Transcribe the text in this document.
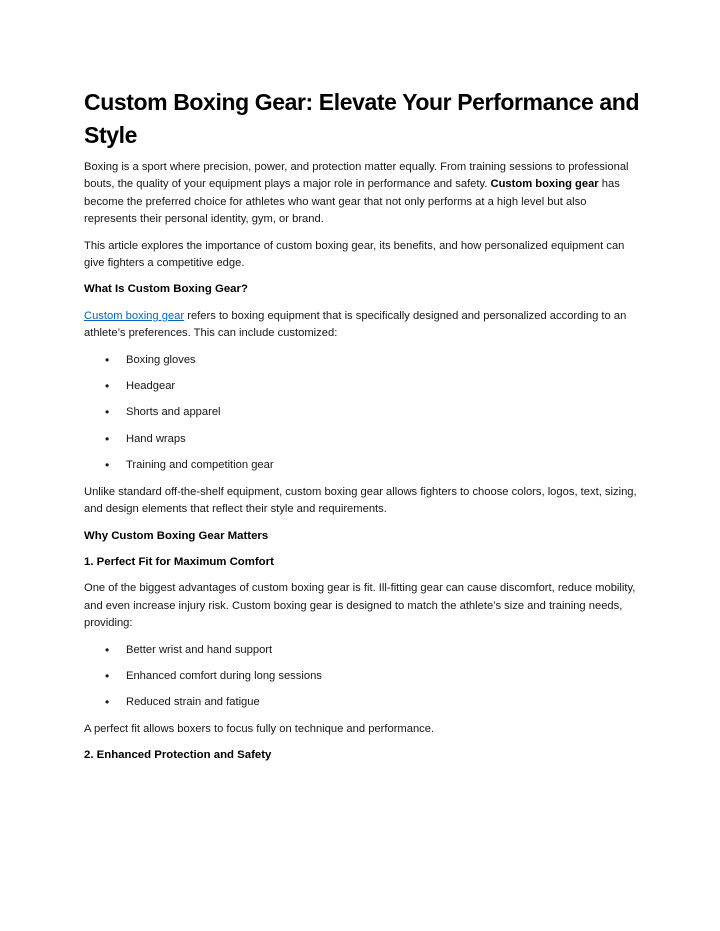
Custom Boxing Gear: Elevate Your Performance and Style

Boxing is a sport where precision, power, and protection matter equally. From training sessions to professional bouts, the quality of your equipment plays a major role in performance and safety. Custom boxing gear has become the preferred choice for athletes who want gear that not only performs at a high level but also represents their personal identity, gym, or brand.

This article explores the importance of custom boxing gear, its benefits, and how personalized equipment can give fighters a competitive edge.

What Is Custom Boxing Gear?

Custom boxing gear refers to boxing equipment that is specifically designed and personalized according to an athlete’s preferences. This can include customized:

• Boxing gloves
• Headgear
• Shorts and apparel
• Hand wraps
• Training and competition gear

Unlike standard off-the-shelf equipment, custom boxing gear allows fighters to choose colors, logos, text, sizing, and design elements that reflect their style and requirements.

Why Custom Boxing Gear Matters
1. Perfect Fit for Maximum Comfort

One of the biggest advantages of custom boxing gear is fit. Ill-fitting gear can cause discomfort, reduce mobility, and even increase injury risk. Custom boxing gear is designed to match the athlete’s size and training needs, providing:

• Better wrist and hand support
• Enhanced comfort during long sessions
• Reduced strain and fatigue

A perfect fit allows boxers to focus fully on technique and performance.

2. Enhanced Protection and Safety
